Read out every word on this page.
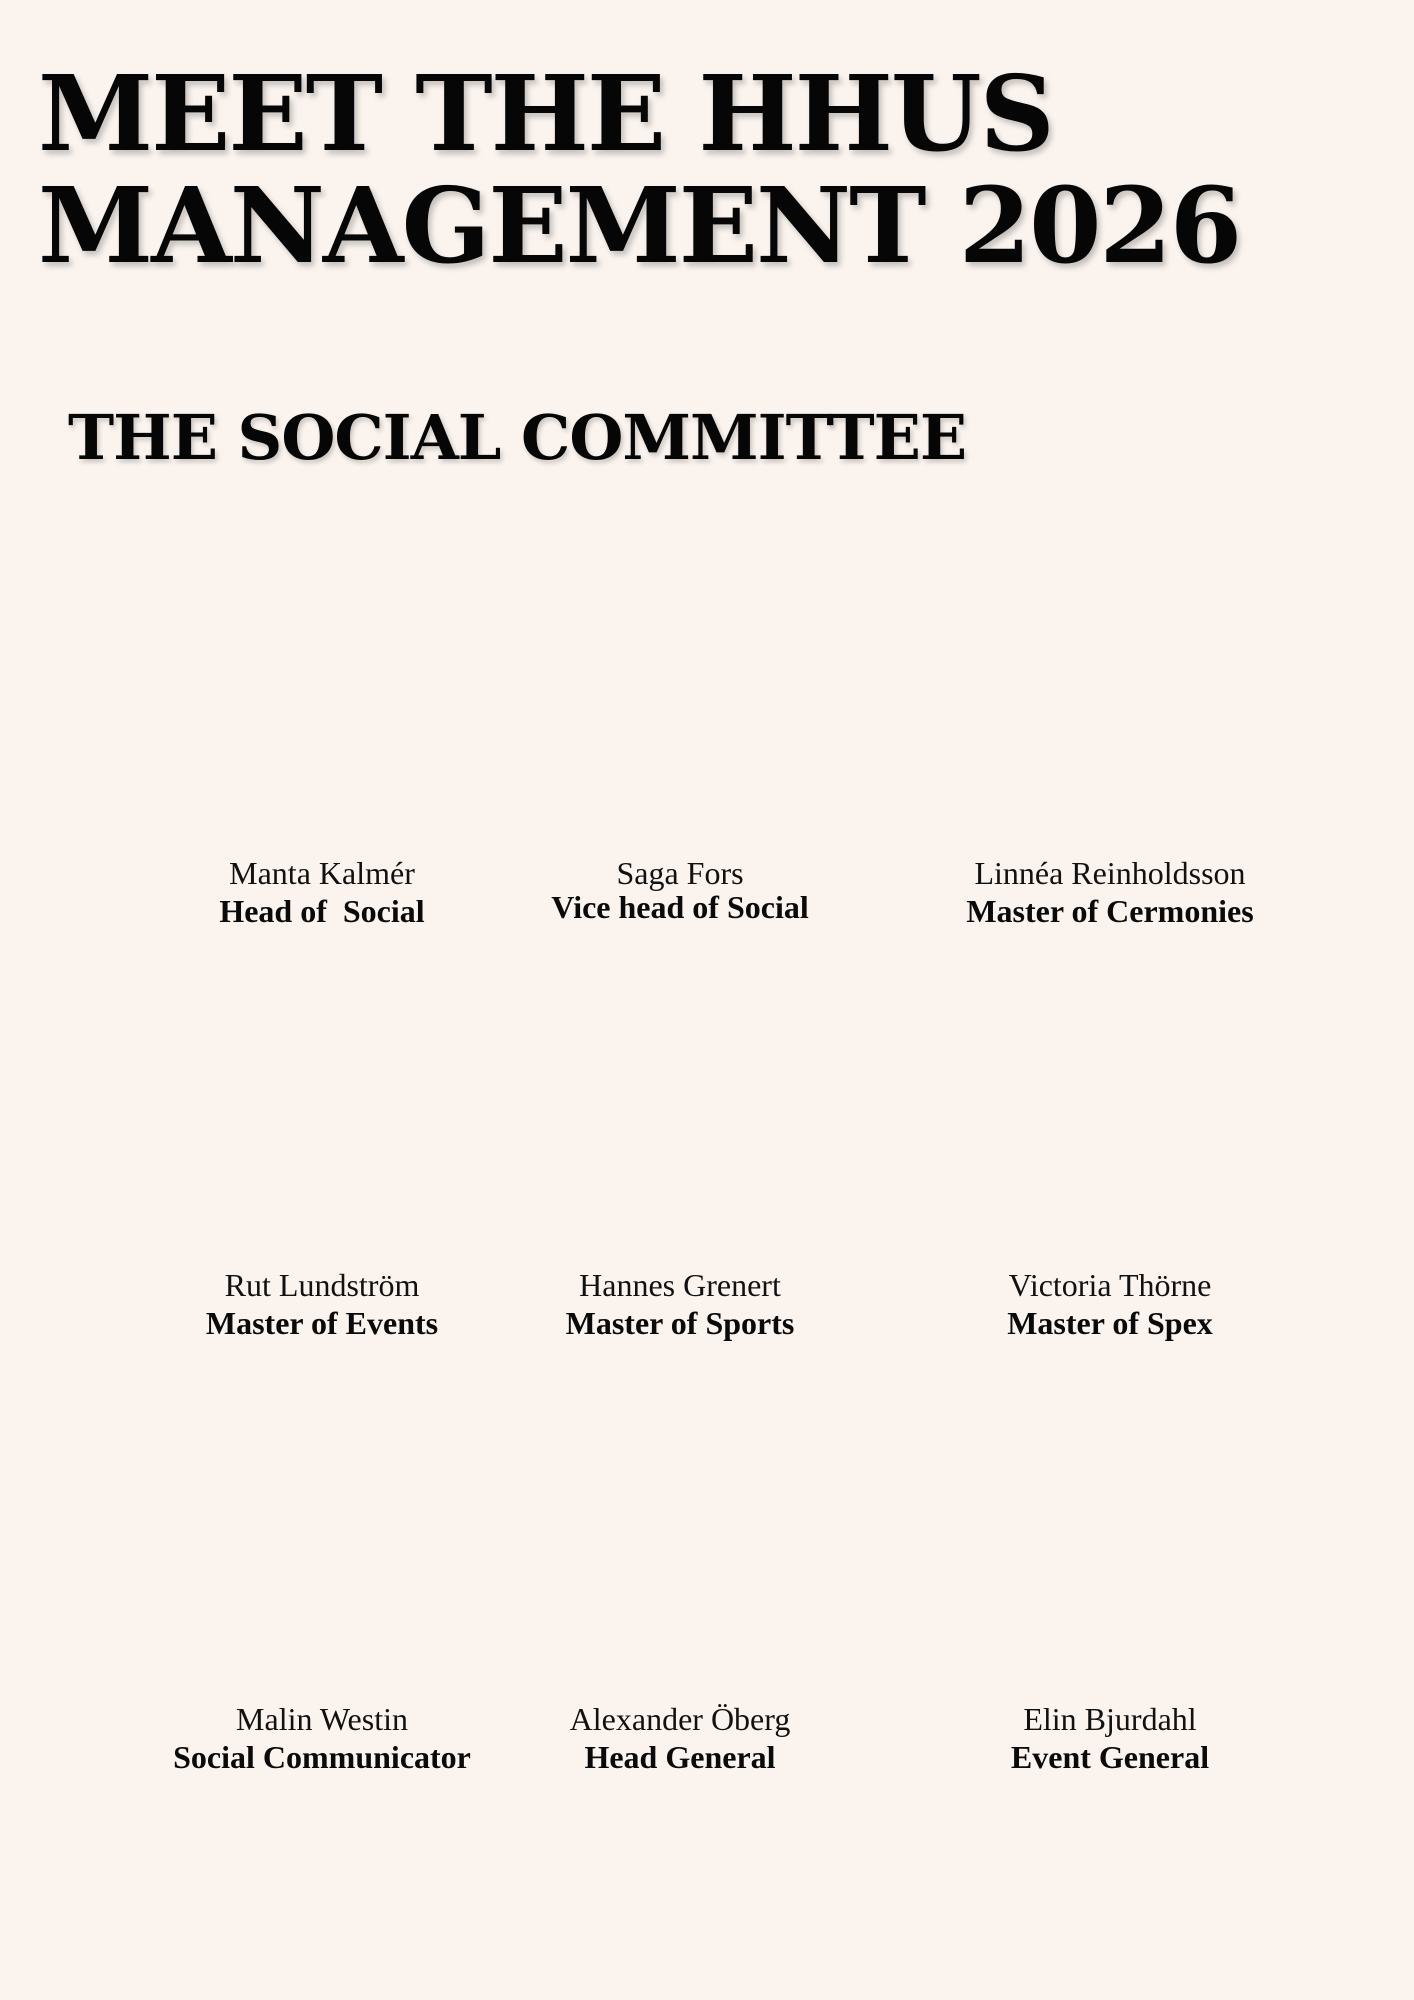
MEET THE HHUS
MANAGEMENT 2026
THE SOCIAL COMMITTEE
Manta Kalmér
Head of  Social
Saga Fors
Vice head of Social
Linnéa Reinholdsson
Master of Cermonies
Rut Lundström
Master of Events
Hannes Grenert
Master of Sports
Victoria Thörne
Master of Spex
Malin Westin
Social Communicator
Alexander Öberg
Head General
Elin Bjurdahl
Event General
